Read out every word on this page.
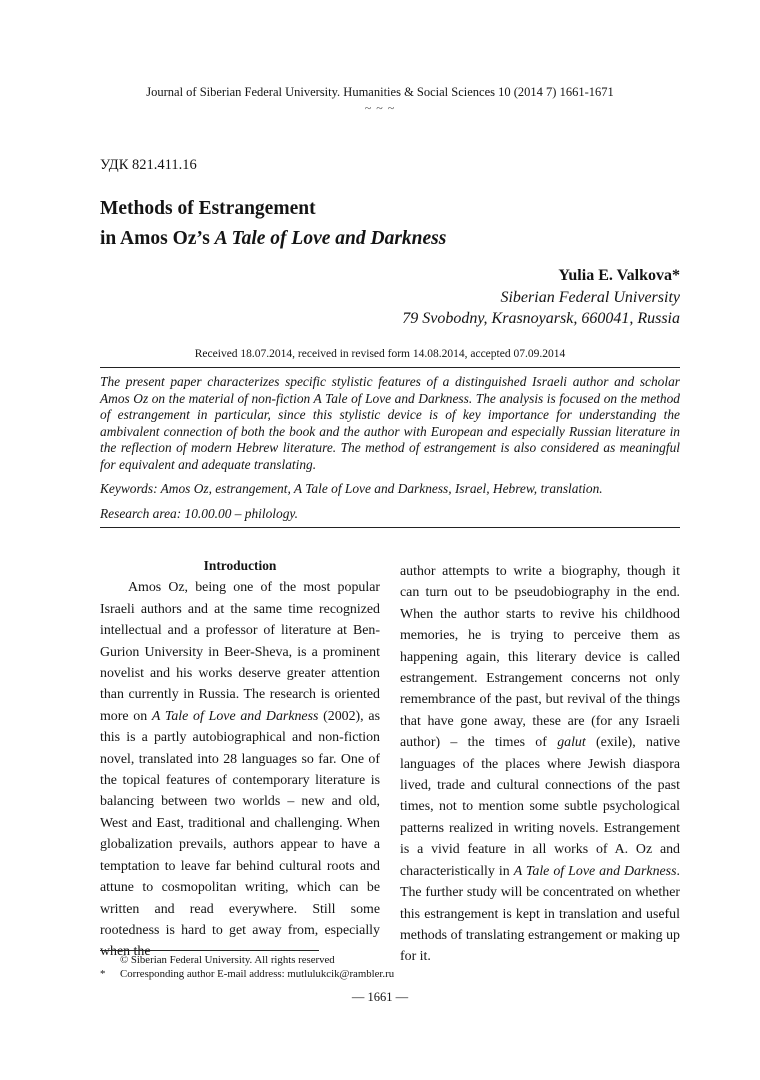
Journal of Siberian Federal University. Humanities & Social Sciences 10 (2014 7) 1661-1671
~ ~ ~
УДК 821.411.16
Methods of Estrangement
in Amos Oz’s A Tale of Love and Darkness
Yulia E. Valkova*
Siberian Federal University
79 Svobodny, Krasnoyarsk, 660041, Russia
Received 18.07.2014, received in revised form 14.08.2014, accepted 07.09.2014

The present paper characterizes specific stylistic features of a distinguished Israeli author and scholar Amos Oz on the material of non-fiction A Tale of Love and Darkness. The analysis is focused on the method of estrangement in particular, since this stylistic device is of key importance for understanding the ambivalent connection of both the book and the author with European and especially Russian literature in the reflection of modern Hebrew literature. The method of estrangement is also considered as meaningful for equivalent and adequate translating.

Keywords: Amos Oz, estrangement, A Tale of Love and Darkness, Israel, Hebrew, translation.

Research area: 10.00.00 – philology.

Introduction

Amos Oz, being one of the most popular Israeli authors and at the same time recognized intellectual and a professor of literature at Ben-Gurion University in Beer-Sheva, is a prominent novelist and his works deserve greater attention than currently in Russia. The research is oriented more on A Tale of Love and Darkness (2002), as this is a partly autobiographical and non-fiction novel, translated into 28 languages so far. One of the topical features of contemporary literature is balancing between two worlds – new and old, West and East, traditional and challenging. When globalization prevails, authors appear to have a temptation to leave far behind cultural roots and attune to cosmopolitan writing, which can be written and read everywhere. Still some rootedness is hard to get away from, especially when the

author attempts to write a biography, though it can turn out to be pseudobiography in the end. When the author starts to revive his childhood memories, he is trying to perceive them as happening again, this literary device is called estrangement. Estrangement concerns not only remembrance of the past, but revival of the things that have gone away, these are (for any Israeli author) – the times of galut (exile), native languages of the places where Jewish diaspora lived, trade and cultural connections of the past times, not to mention some subtle psychological patterns realized in writing novels. Estrangement is a vivid feature in all works of A. Oz and characteristically in A Tale of Love and Darkness. The further study will be concentrated on whether this estrangement is kept in translation and useful methods of translating estrangement or making up for it.

© Siberian Federal University. All rights reserved
*	Corresponding author E-mail address: mutlulukcik@rambler.ru
— 1661 —
